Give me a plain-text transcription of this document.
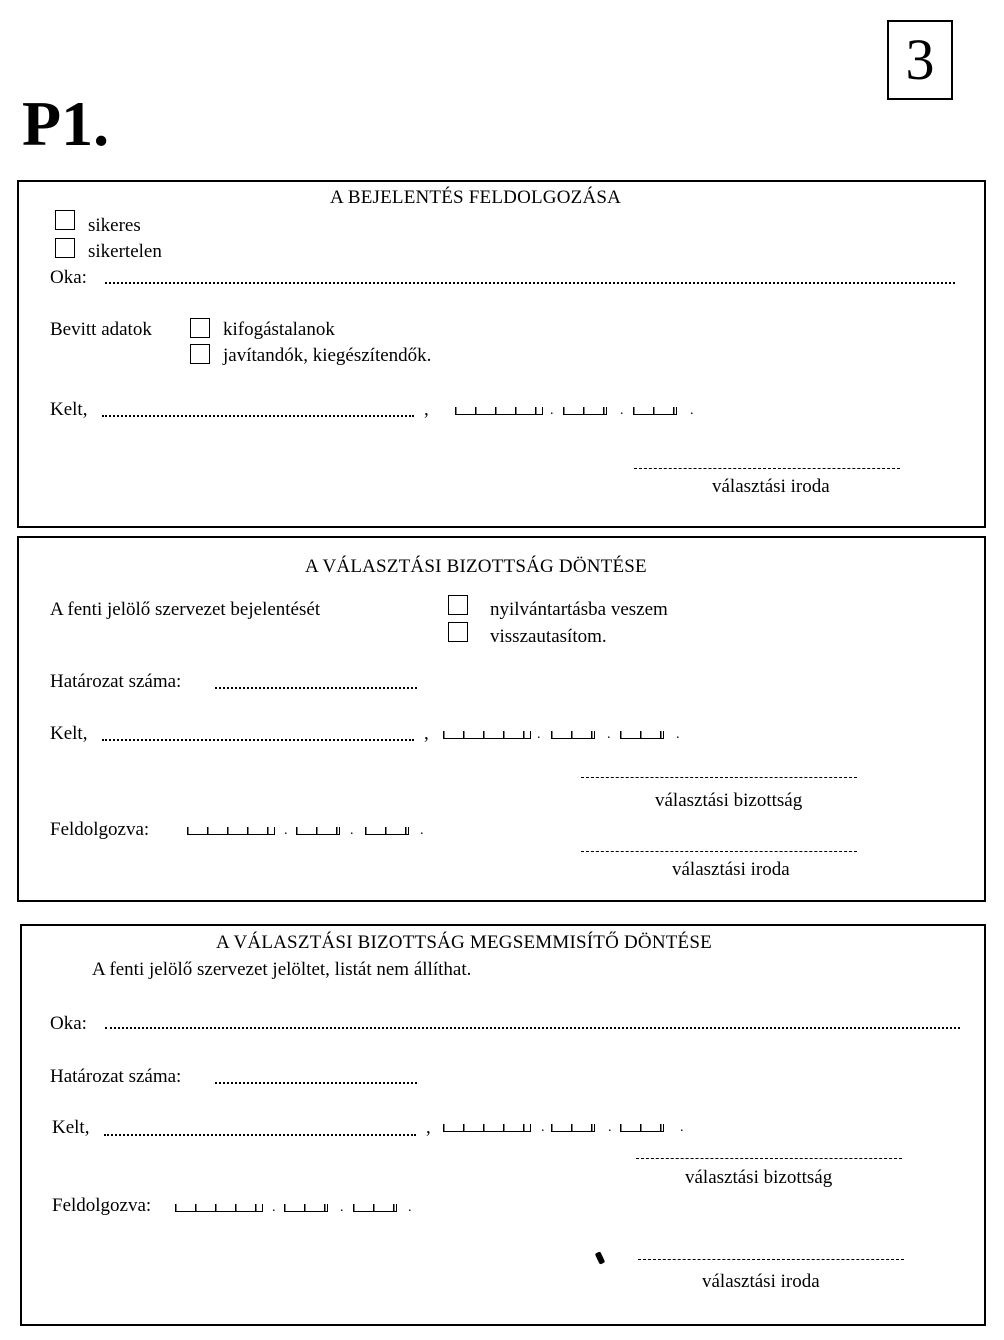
3
P1.
A BEJELENTÉS FELDOLGOZÁSA
sikeres
sikertelen
Oka:
Bevitt adatok	kifogástalanok
javítandók, kiegészítendők.
Kelt,	,	.	.	.
választási iroda
A VÁLASZTÁSI BIZOTTSÁG DÖNTÉSE
A fenti jelölő szervezet bejelentését	nyilvántartásba veszem
visszautasítom.
Határozat száma:
Kelt,	,	.	.	.
választási bizottság
Feldolgozva:	.	.	.
választási iroda
A VÁLASZTÁSI BIZOTTSÁG MEGSEMMISÍTŐ DÖNTÉSE
A fenti jelölő szervezet jelöltet, listát nem állíthat.
Oka:
Határozat száma:
Kelt,	,	.	.	.
választási bizottság
Feldolgozva:	.	.	.
választási iroda
